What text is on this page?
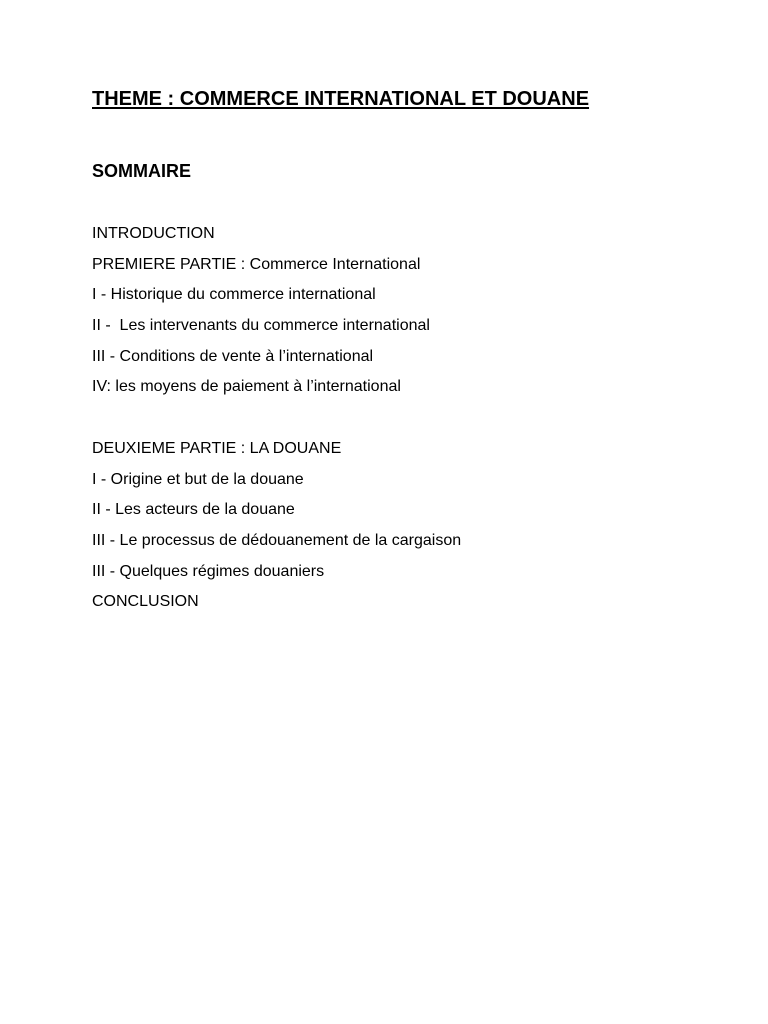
THEME : COMMERCE INTERNATIONAL ET DOUANE
SOMMAIRE
INTRODUCTION
PREMIERE PARTIE : Commerce International
I - Historique du commerce international
II -  Les intervenants du commerce international
III - Conditions de vente à l’international
IV: les moyens de paiement à l’international
DEUXIEME PARTIE : LA DOUANE
I - Origine et but de la douane
II - Les acteurs de la douane
III - Le processus de dédouanement de la cargaison
III - Quelques régimes douaniers
CONCLUSION
